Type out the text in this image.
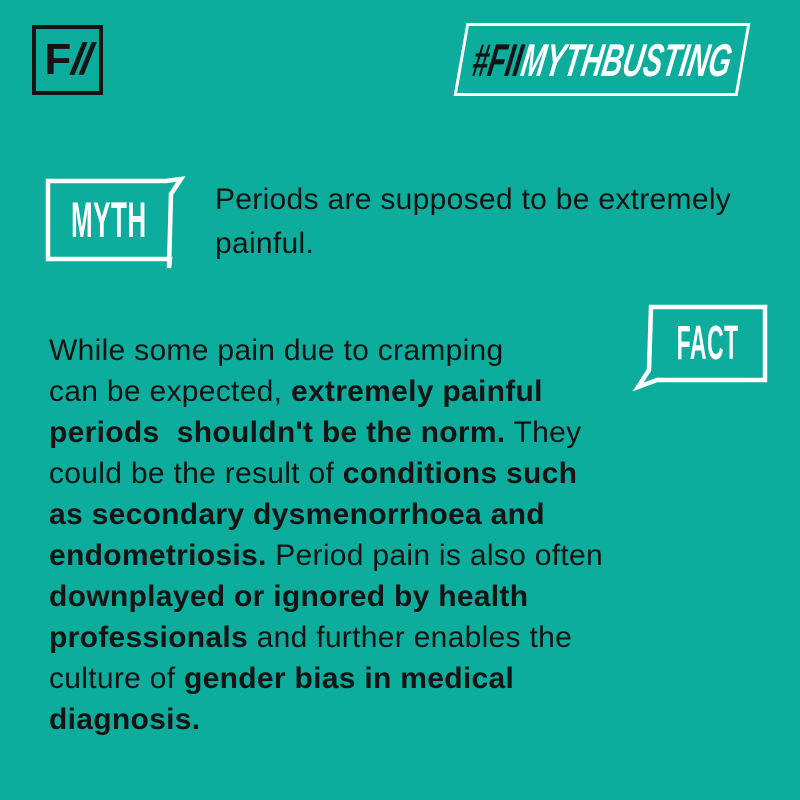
F
//	#FIIMYTHBUSTING
MYTH
FACT
Periods are supposed to be extremely
painful.
While some pain due to cramping
can be expected, extremely painful
periods  shouldn't be the norm. They
could be the result of conditions such
as secondary dysmenorrhoea and
endometriosis. Period pain is also often
downplayed or ignored by health
professionals and further enables the
culture of gender bias in medical
diagnosis.
